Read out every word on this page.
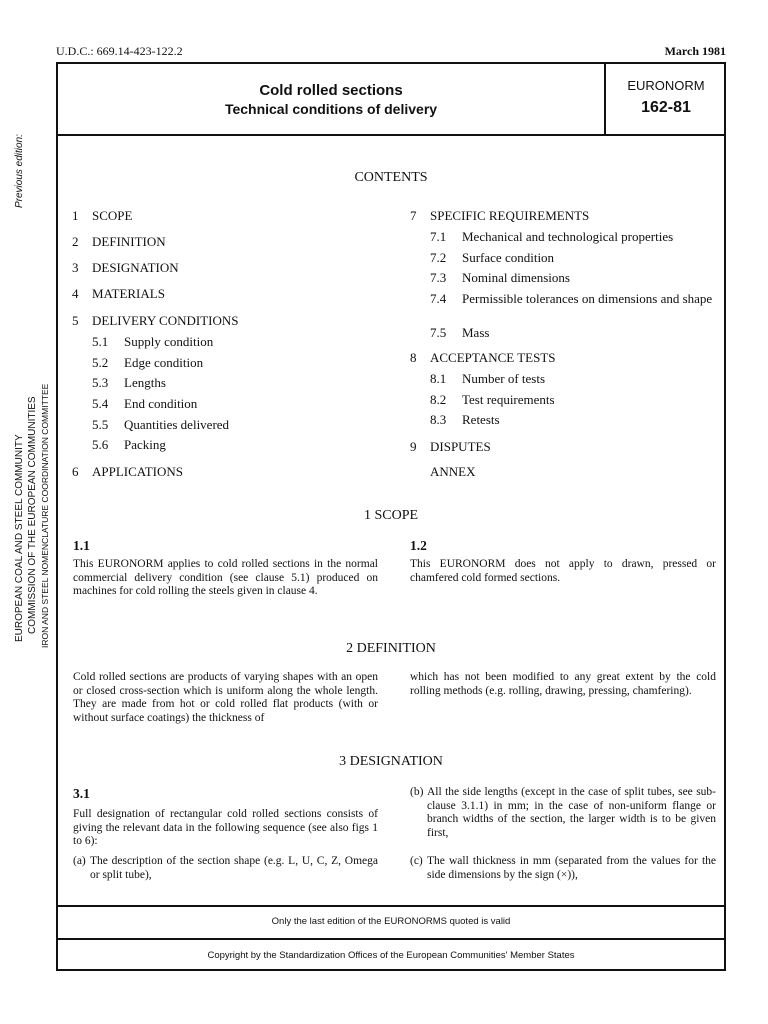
U.D.C.: 669.14-423-122.2	March 1981
Cold rolled sections
Technical conditions of delivery
EURONORM
162-81
Previous edition:
EUROPEAN COAL AND STEEL COMMUNITY COMMISSION OF THE EUROPEAN COMMUNITIES IRON AND STEEL NOMENCLATURE COORDINATION COMMITTEE
CONTENTS
1 SCOPE
2 DEFINITION
3 DESIGNATION
4 MATERIALS
5 DELIVERY CONDITIONS
5.1 Supply condition
5.2 Edge condition
5.3 Lengths
5.4 End condition
5.5 Quantities delivered
5.6 Packing
6 APPLICATIONS
7 SPECIFIC REQUIREMENTS
7.1 Mechanical and technological properties
7.2 Surface condition
7.3 Nominal dimensions
7.4 Permissible tolerances on dimensions and shape
7.5 Mass
8 ACCEPTANCE TESTS
8.1 Number of tests
8.2 Test requirements
8.3 Retests
9 DISPUTES
ANNEX
1 SCOPE
1.1
This EURONORM applies to cold rolled sections in the normal commercial delivery condition (see clause 5.1) produced on machines for cold rolling the steels given in clause 4.
1.2
This EURONORM does not apply to drawn, pressed or chamfered cold formed sections.
2 DEFINITION
Cold rolled sections are products of varying shapes with an open or closed cross-section which is uniform along the whole length. They are made from hot or cold rolled flat products (with or without surface coatings) the thickness of
which has not been modified to any great extent by the cold rolling methods (e.g. rolling, drawing, pressing, chamfering).
3 DESIGNATION
3.1
Full designation of rectangular cold rolled sections consists of giving the relevant data in the following sequence (see also figs 1 to 6):
(a) The description of the section shape (e.g. L, U, C, Z, Omega or split tube),
(b) All the side lengths (except in the case of split tubes, see sub-clause 3.1.1) in mm; in the case of non-uniform flange or branch widths of the section, the larger width is to be given first,
(c) The wall thickness in mm (separated from the values for the side dimensions by the sign (×)),
Only the last edition of the EURONORMS quoted is valid
Copyright by the Standardization Offices of the European Communities' Member States
